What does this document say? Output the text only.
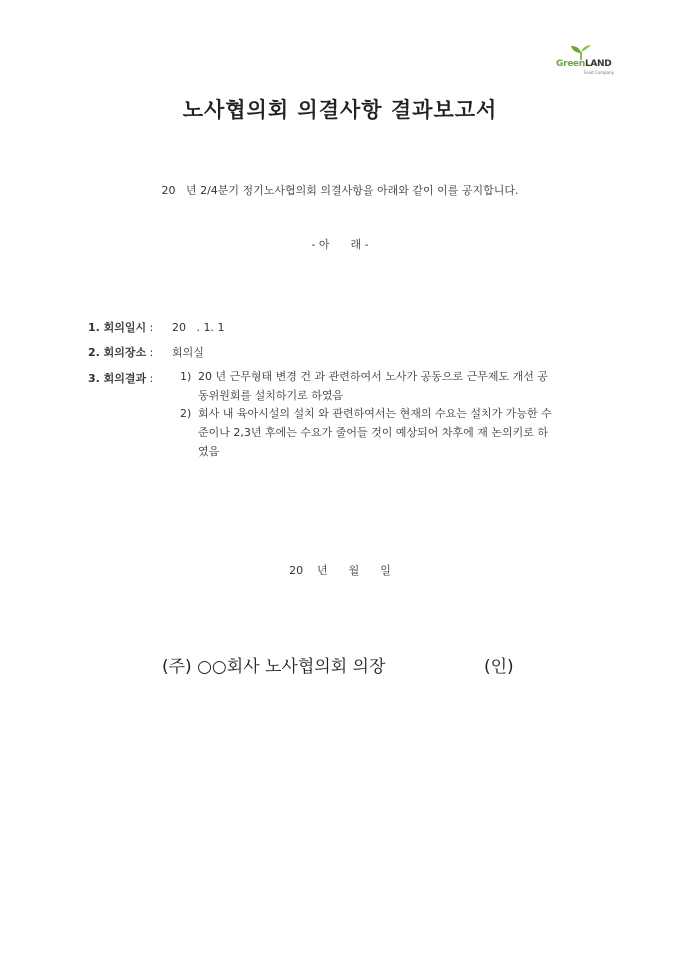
GreenLAND
Food Company
노사협의회 의결사항 결과보고서
20   년 2/4분기 정기노사협의회 의결사항을 아래와 같이 이를 공지합니다.
- 아      래 -
1. 회의일시 : 20   . 1. 1
2. 회의장소 : 회의실
3. 회의결과 :	1) 20 년 근무형태 변경 건 과 관련하여서 노사가 공동으로 근무제도 개선 공
동위원회를 설치하기로 하였음
2) 회사 내 육아시설의 설치 와 관련하여서는 현재의 수요는 설치가 가능한 수
준이나 2,3년 후에는 수요가 줄어들 것이 예상되어 차후에 재 논의키로 하
였음
20    년      월      일
(주) ○○회사 노사협의회 의장	(인)
